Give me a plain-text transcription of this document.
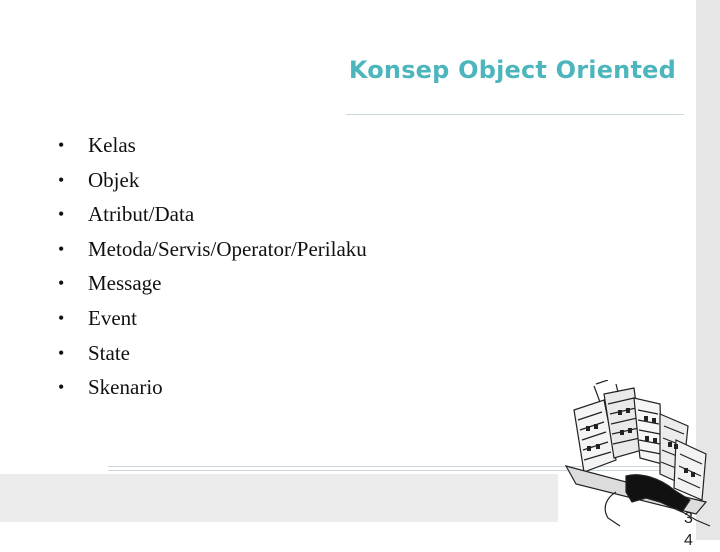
Konsep Object Oriented
• Kelas
• Objek
• Atribut/Data
• Metoda/Servis/Operator/Perilaku
• Message
• Event
• State
• Skenario
3
4
